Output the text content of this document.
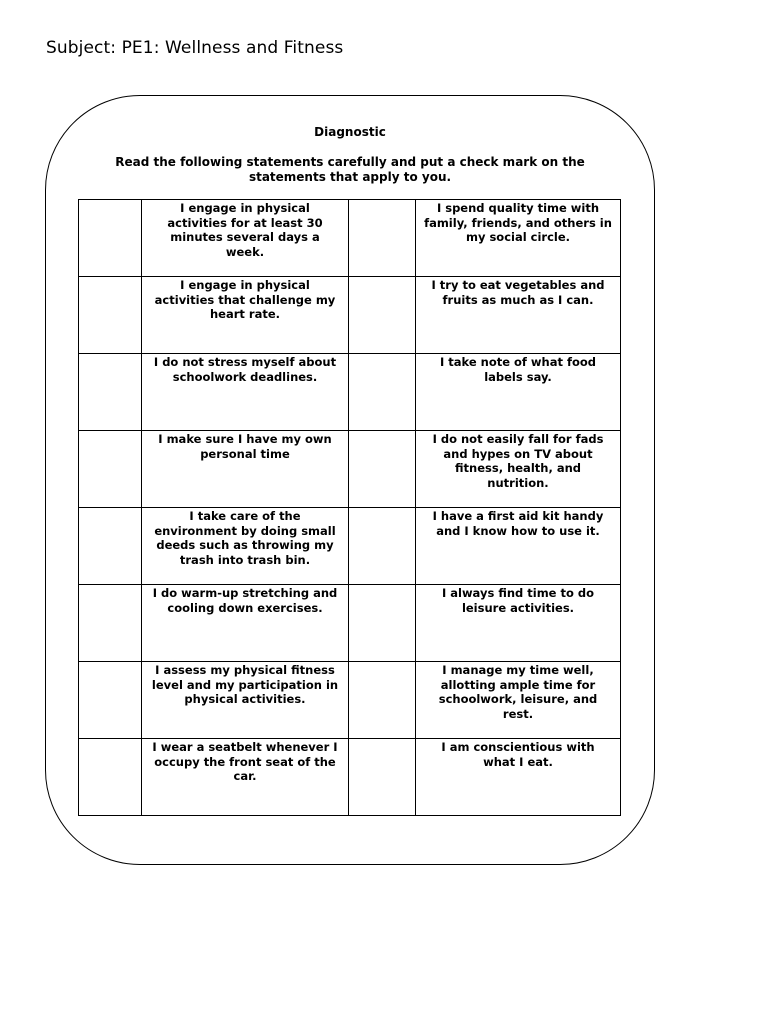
Subject: PE1: Wellness and Fitness
Diagnostic
Read the following statements carefully and put a check mark on the statements that apply to you.

	I engage in physical activities for at least 30 minutes several days a week.		I spend quality time with family, friends, and others in my social circle.

	I engage in physical activities that challenge my heart rate.		I try to eat vegetables and fruits as much as I can.

	I do not stress myself about schoolwork deadlines.		I take note of what food labels say.

	I make sure I have my own personal time		I do not easily fall for fads and hypes on TV about fitness, health, and nutrition.

	I take care of the environment by doing small deeds such as throwing my trash into trash bin.		I have a first aid kit handy and I know how to use it.

	I do warm-up stretching and cooling down exercises.		I always find time to do leisure activities.

	I assess my physical fitness level and my participation in physical activities.		I manage my time well, allotting ample time for schoolwork, leisure, and rest.

	I wear a seatbelt whenever I occupy the front seat of the car.		I am conscientious with what I eat.
